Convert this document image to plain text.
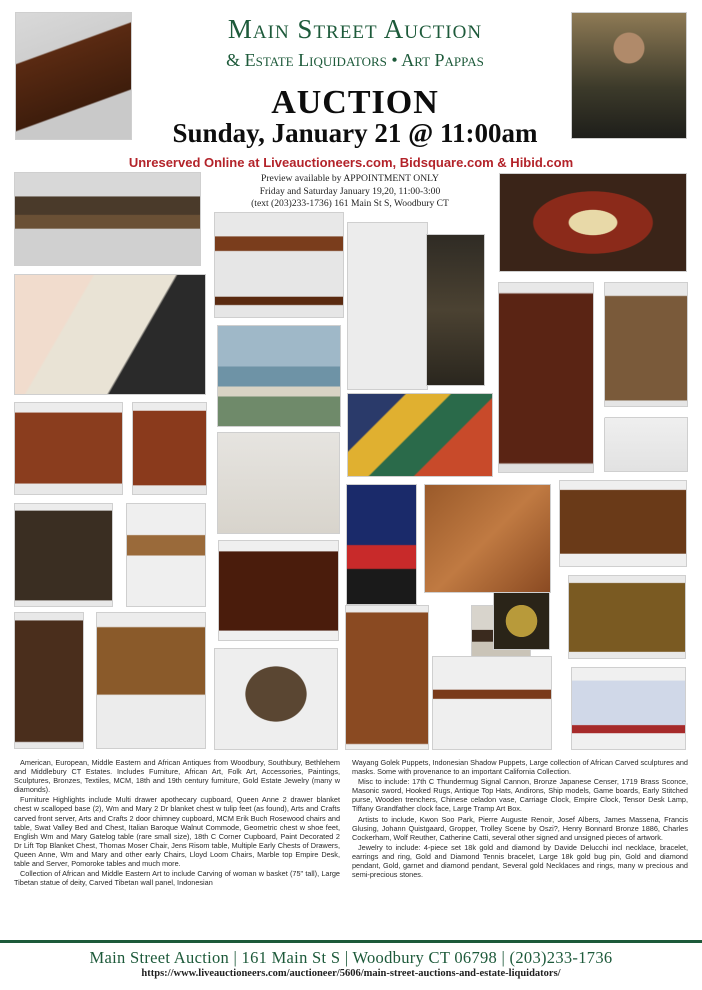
Main Street Auction
& Estate Liquidators • Art Pappas
AUCTION
Sunday, January 21 @ 11:00am
Unreserved Online at Liveauctioneers.com, Bidsquare.com & Hibid.com
Preview available by APPOINTMENT ONLY
Friday and Saturday January 19,20, 11:00-3:00
(text (203)233-1736) 161 Main St S, Woodbury CT

American, European, Middle Eastern and African Antiques from Woodbury, Southbury, Bethlehem and Middlebury CT Estates. Includes Furniture, African Art, Folk Art, Accessories, Paintings, Sculptures, Bronzes, Textiles, MCM, 18th and 19th century furniture, Gold Estate Jewelry (many w diamonds).

Furniture Highlights include Multi drawer apothecary cupboard, Queen Anne 2 drawer blanket chest w scalloped base (2), Wm and Mary 2 Dr blanket chest w tulip feet (as found), Arts and Crafts carved front server, Arts and Crafts 2 door chimney cupboard, MCM Erik Buch Rosewood chairs and table, Swat Valley Bed and Chest, Italian Baroque Walnut Commode, Geometric chest w shoe feet, English Wm and Mary Gatelog table (rare small size), 18th C Corner Cupboard, Paint Decorated 2 Dr Lift Top Blanket Chest, Thomas Moser Chair, Jens Risom table, Multiple Early Chests of Drawers, Queen Anne, Wm and Mary and other early Chairs, Lloyd Loom Chairs, Marble top Empire Desk, table and Server, Pomoroke tables and much more.

Collection of African and Middle Eastern Art to include Carving of woman w basket (75" tall), Large Tibetan statue of deity, Carved Tibetan wall panel, Indonesian

Wayang Golek Puppets, Indonesian Shadow Puppets, Large collection of African Carved sculptures and masks. Some with provenance to an important California Collection.

Misc to include: 17th C Thundermug Signal Cannon, Bronze Japanese Censer, 1719 Brass Sconce, Masonic sword, Hooked Rugs, Antique Top Hats, Andirons, Ship models, Game boards, Early Stitched purse, Wooden trenchers, Chinese celadon vase, Carriage Clock, Empire Clock, Tensor Desk Lamp, Tiffany Grandfather clock face, Large Tramp Art Box.

Artists to include, Kwon Soo Park, Pierre Auguste Renoir, Josef Albers, James Massena, Francis Glusing, Johann Quistgaard, Gropper, Trolley Scene by Oszi?, Henry Bonnard Bronze 1886, Charles Cockerham, Wolf Reuther, Catherine Catti, several other signed and unsigned pieces of artwork.

Jewelry to include: 4-piece set 18k gold and diamond by Davide Delucchi incl necklace, bracelet, earrings and ring, Gold and Diamond Tennis bracelet, Large 18k gold bug pin, Gold and diamond pendant, Gold, garnet and diamond pendant, Several gold Necklaces and rings, many w precious and semi-precious stones.

Main Street Auction | 161 Main St S | Woodbury CT 06798 | (203)233-1736
https://www.liveauctioneers.com/auctioneer/5606/main-street-auctions-and-estate-liquidators/
